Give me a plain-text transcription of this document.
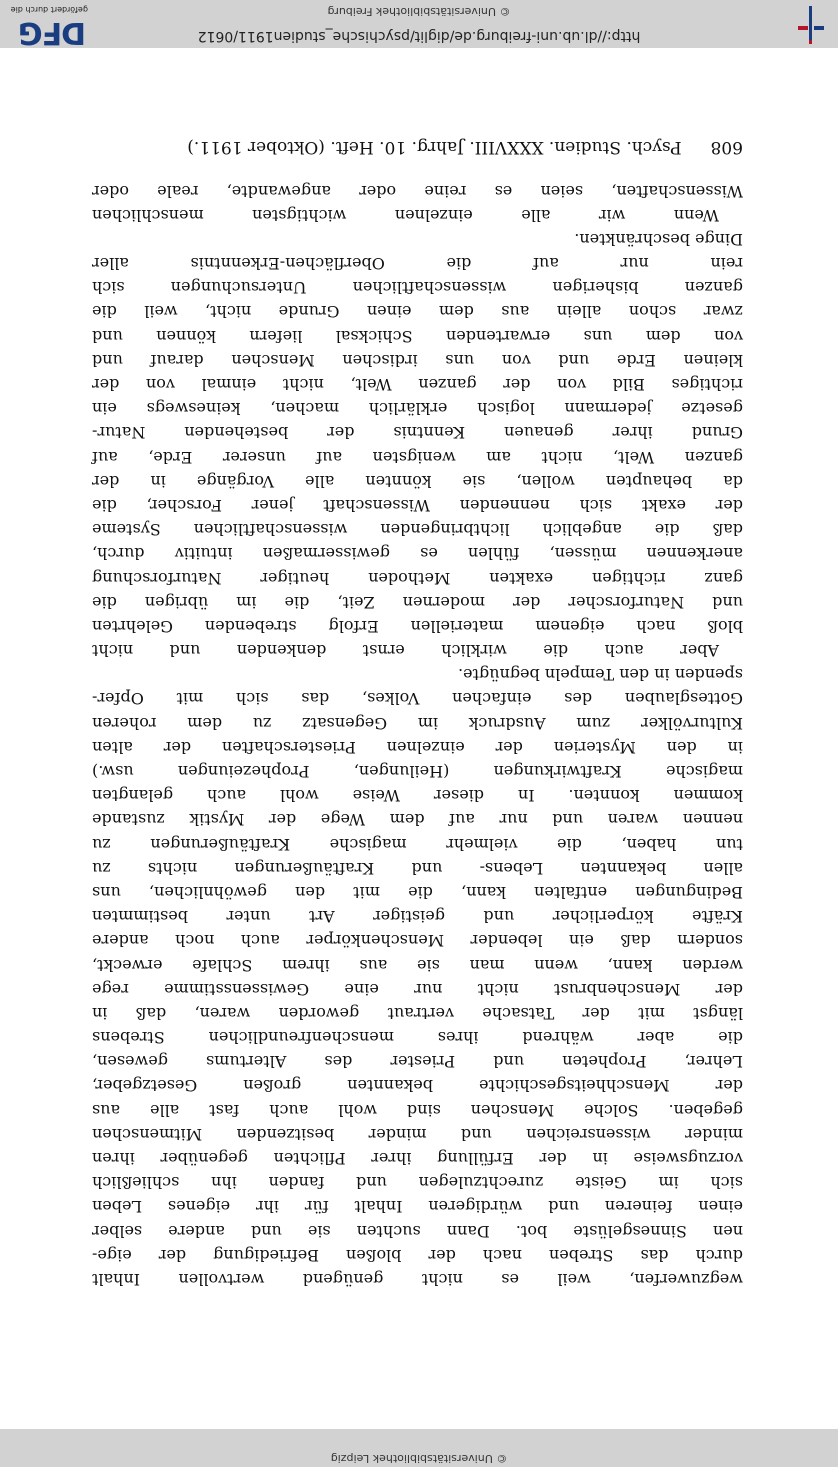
© Universitätsbibliothek Leipzig
© Universitätsbibliothek Freiburg
http://dl.ub.uni-freiburg.de/diglit/psychische_studien1911/0612
gefördert durch die
DFG
608 Psych. Studien. XXXVIII. Jahrg. 10. Heft. (Oktober 1911.)
wegzuwerfen, weil es nicht genügend wertvollen Inhalt
durch das Streben nach der bloßen Befriedigung der eige-
nen Sinnesgelüste bot. Dann suchten sie und andere selber
einen feineren und würdigeren Inhalt für ihr eigenes Leben
sich im Geiste zurechtzulegen und fanden ihn schließlich
vorzugsweise in der Erfüllung ihrer Pflichten gegenüber ihren
minder wissensreichen und minder besitzenden Mitmenschen
gegeben. Solche Menschen sind wohl auch fast alle aus
der Menschheitsgeschichte bekannten großen Gesetzgeber,
Lehrer, Propheten und Priester des Altertums gewesen,
die aber während ihres menschenfreundlichen Strebens
längst mit der Tatsache vertraut geworden waren, daß in
der Menschenbrust nicht nur eine Gewissensstimme rege
werden kann, wenn man sie aus ihrem Schlafe erweckt,
sondern daß ein lebender Menschenkörper auch noch andere
Kräfte körperlicher und geistiger Art unter bestimmten
Bedingungen entfalten kann, die mit den gewöhnlichen, uns
allen bekannten Lebens- und Kraftäußerungen nichts zu
tun haben, die vielmehr magische Kraftäußerungen zu
nennen waren und nur auf dem Wege der Mystik zustande
kommen konnten. In dieser Weise wohl auch gelangten
magische Kraftwirkungen (Heilungen, Prophezeiungen usw.)
in den Mysterien der einzelnen Priesterschaften der alten
Kulturvölker zum Ausdruck im Gegensatz zu dem roheren
Gottesglauben des einfachen Volkes, das sich mit Opfer-
spenden in den Tempeln begnügte.
Aber auch die wirklich ernst denkenden und nicht
bloß nach eigenem materiellen Erfolg strebenden Gelehrten
und Naturforscher der modernen Zeit, die im übrigen die
ganz richtigen exakten Methoden heutiger Naturforschung
anerkennen müssen, fühlen es gewissermaßen intuitiv durch,
daß die angeblich lichtbringenden wissenschaftlichen Systeme
der exakt sich nennenden Wissenschaft jener Forscher, die
da behaupten wollen, sie könnten alle Vorgänge in der
ganzen Welt, nicht am wenigsten auf unserer Erde, auf
Grund ihrer genauen Kenntnis der bestehenden Natur-
gesetze jedermann logisch erklärlich machen, keineswegs ein
richtiges Bild von der ganzen Welt, nicht einmal von der
kleinen Erde und von uns irdischen Menschen darauf und
von dem uns erwartenden Schicksal liefern können und
zwar schon allein aus dem einen Grunde nicht, weil die
ganzen bisherigen wissenschaftlichen Untersuchungen sich
rein nur auf die Oberflächen-Erkenntnis aller
Dinge beschränkten.
Wenn wir alle einzelnen wichtigsten menschlichen
Wissenschaften, seien es reine oder angewandte, reale oder
